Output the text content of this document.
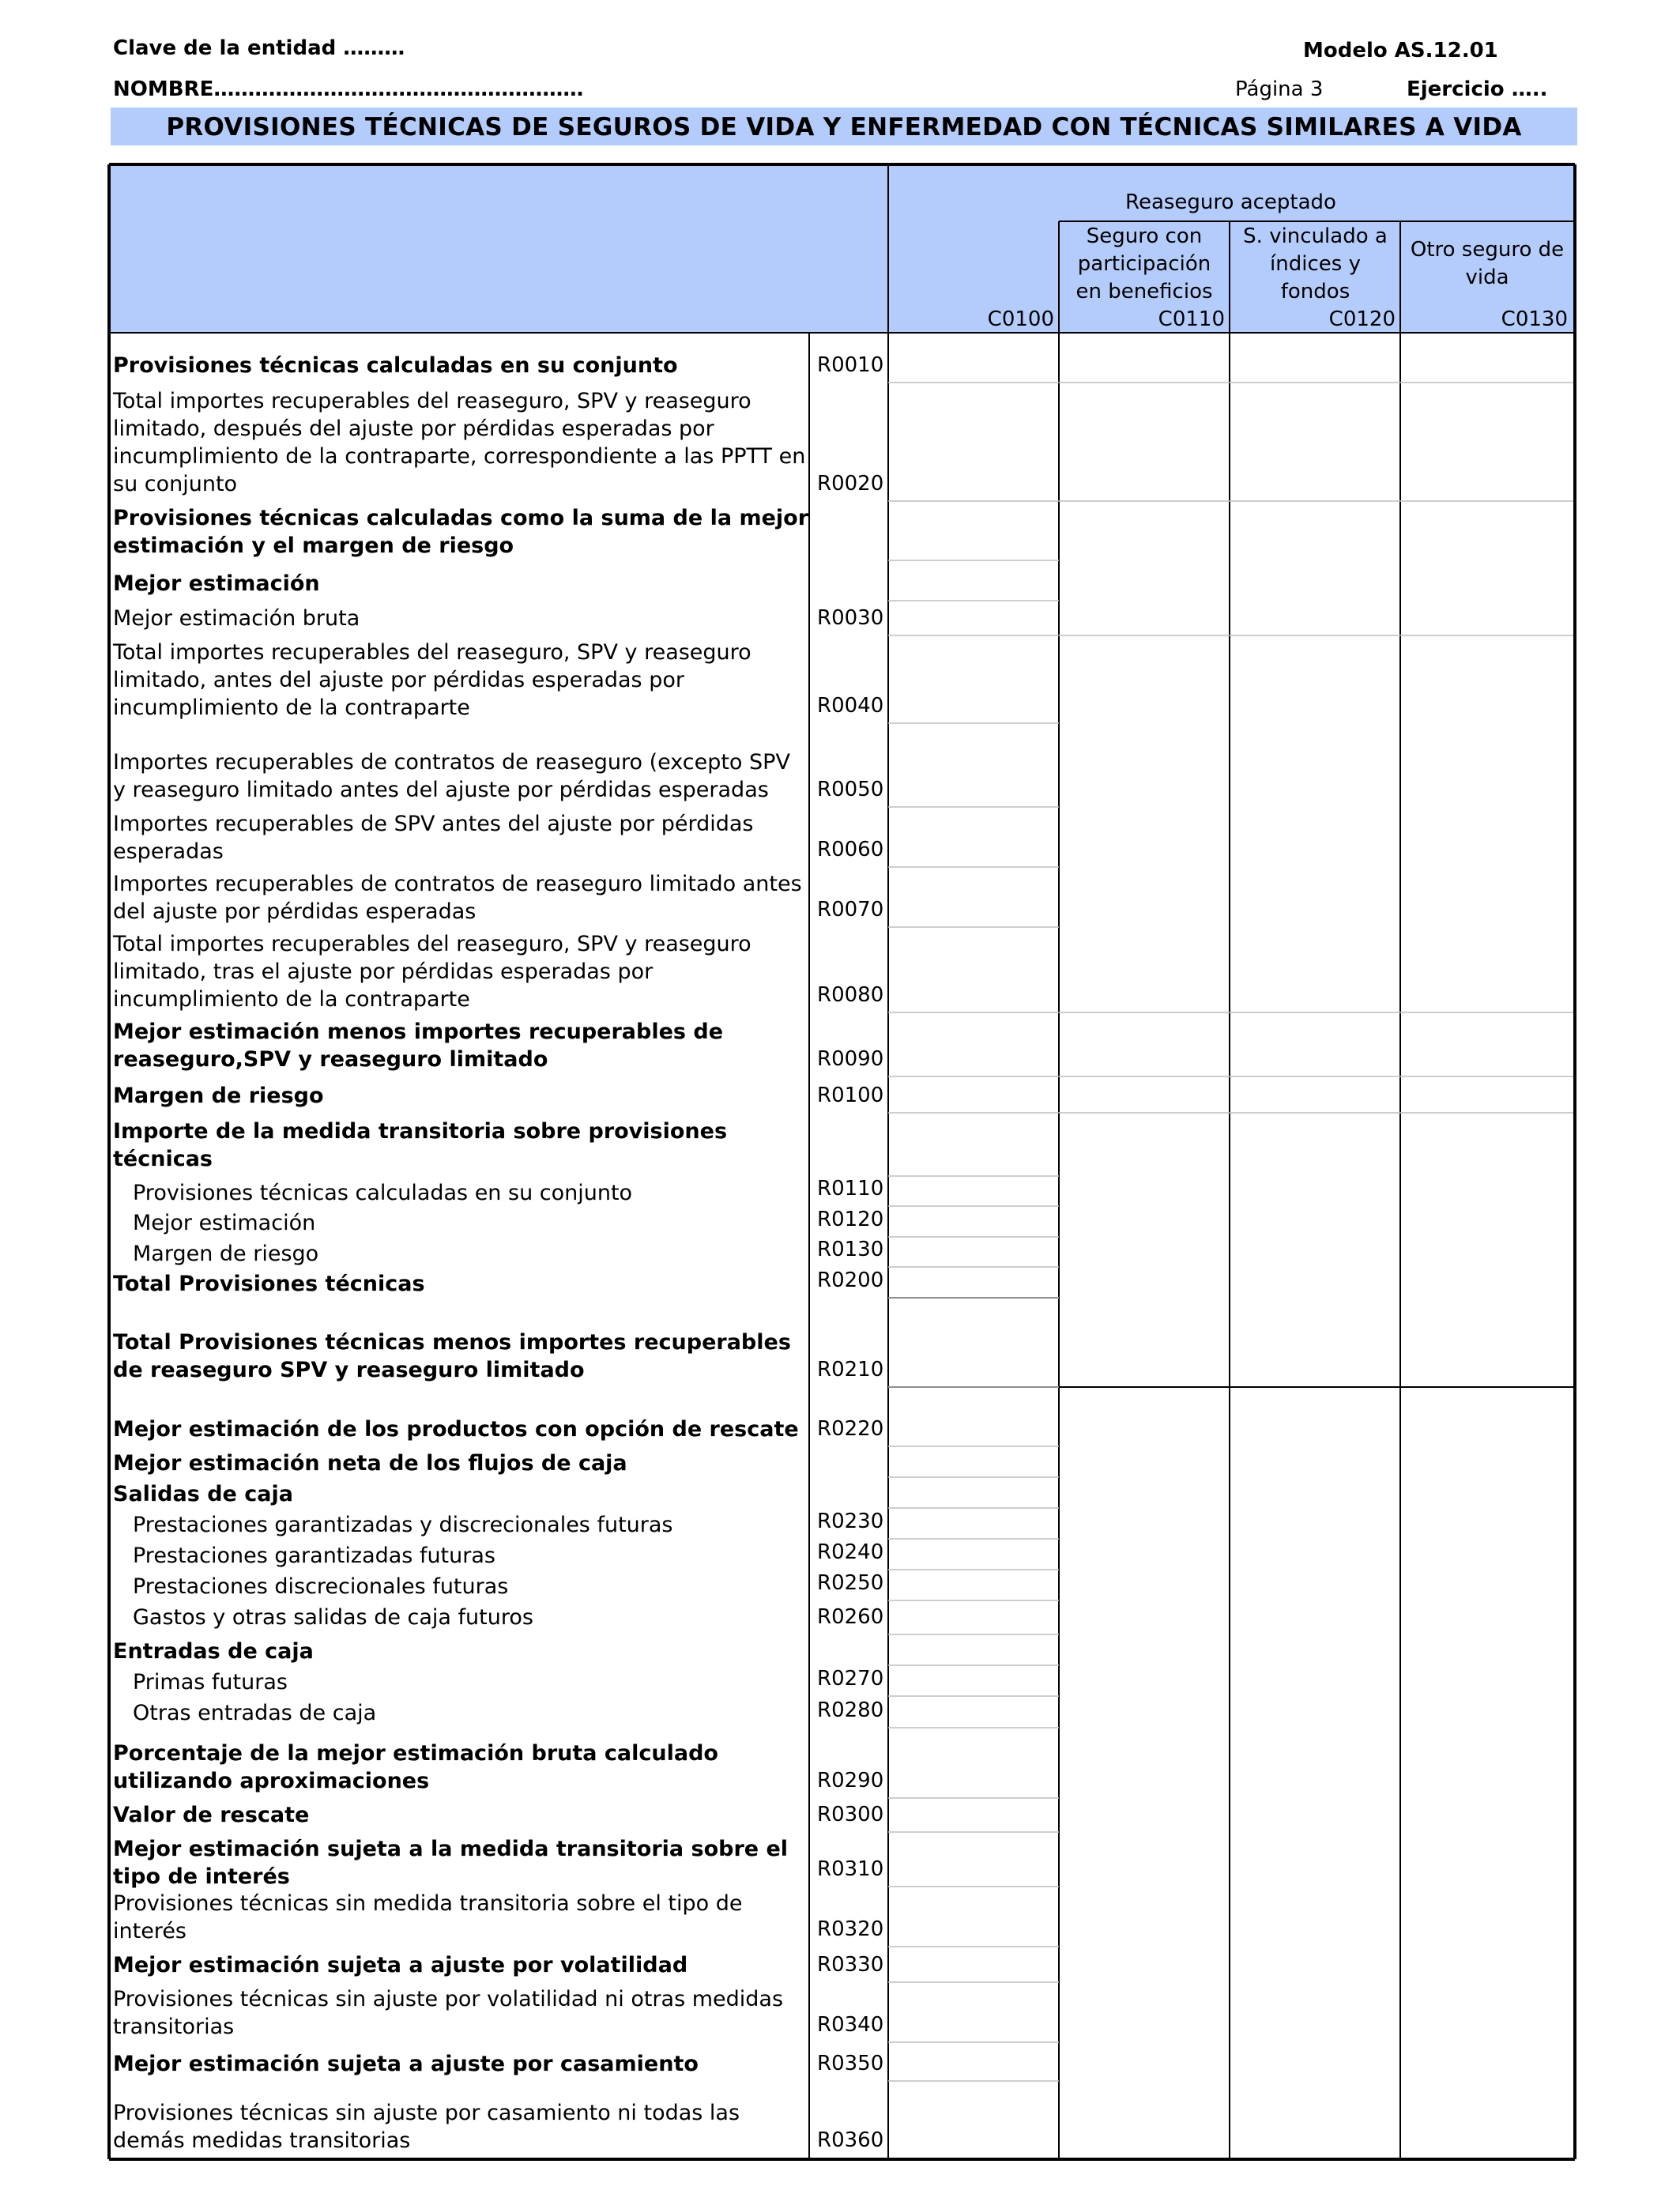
Clave de la entidad ………	Modelo AS.12.01
NOMBRE………………………………………………	Página 3	Ejercicio …..
PROVISIONES TÉCNICAS DE SEGUROS DE VIDA Y ENFERMEDAD CON TÉCNICAS SIMILARES A VIDA
Reaseguro aceptado
Seguro con
participación
en beneficios
S. vinculado a
índices y
fondos
Otro seguro de
vida
C0100	C0110	C0120	C0130
Provisiones técnicas calculadas en su conjunto	R0010
Total importes recuperables del reaseguro, SPV y reaseguro
limitado, después del ajuste por pérdidas esperadas por
incumplimiento de la contraparte, correspondiente a las PPTT en
su conjunto	R0020
Provisiones técnicas calculadas como la suma de la mejor
estimación y el margen de riesgo
Mejor estimación
Mejor estimación bruta	R0030
Total importes recuperables del reaseguro, SPV y reaseguro
limitado, antes del ajuste por pérdidas esperadas por
incumplimiento de la contraparte	R0040
Importes recuperables de contratos de reaseguro (excepto SPV
y reaseguro limitado antes del ajuste por pérdidas esperadas	R0050
Importes recuperables de SPV antes del ajuste por pérdidas
esperadas	R0060
Importes recuperables de contratos de reaseguro limitado antes
del ajuste por pérdidas esperadas	R0070
Total importes recuperables del reaseguro, SPV y reaseguro
limitado, tras el ajuste por pérdidas esperadas por
incumplimiento de la contraparte	R0080
Mejor estimación menos importes recuperables de
reaseguro,SPV y reaseguro limitado	R0090
Margen de riesgo	R0100
Importe de la medida transitoria sobre provisiones
técnicas
Provisiones técnicas calculadas en su conjunto	R0110
Mejor estimación	R0120
Margen de riesgo	R0130
Total Provisiones técnicas	R0200
Total Provisiones técnicas menos importes recuperables
de reaseguro SPV y reaseguro limitado	R0210
Mejor estimación de los productos con opción de rescate R0220
Mejor estimación neta de los flujos de caja
Salidas de caja
Prestaciones garantizadas y discrecionales futuras	R0230
Prestaciones garantizadas futuras	R0240
Prestaciones discrecionales futuras	R0250
Gastos y otras salidas de caja futuros	R0260
Entradas de caja
Primas futuras	R0270
Otras entradas de caja	R0280
Porcentaje de la mejor estimación bruta calculado
utilizando aproximaciones	R0290
Valor de rescate	R0300
Mejor estimación sujeta a la medida transitoria sobre el
tipo de interés	R0310
Provisiones técnicas sin medida transitoria sobre el tipo de
interés	R0320
Mejor estimación sujeta a ajuste por volatilidad	R0330
Provisiones técnicas sin ajuste por volatilidad ni otras medidas
transitorias	R0340
Mejor estimación sujeta a ajuste por casamiento	R0350
Provisiones técnicas sin ajuste por casamiento ni todas las
demás medidas transitorias	R0360
